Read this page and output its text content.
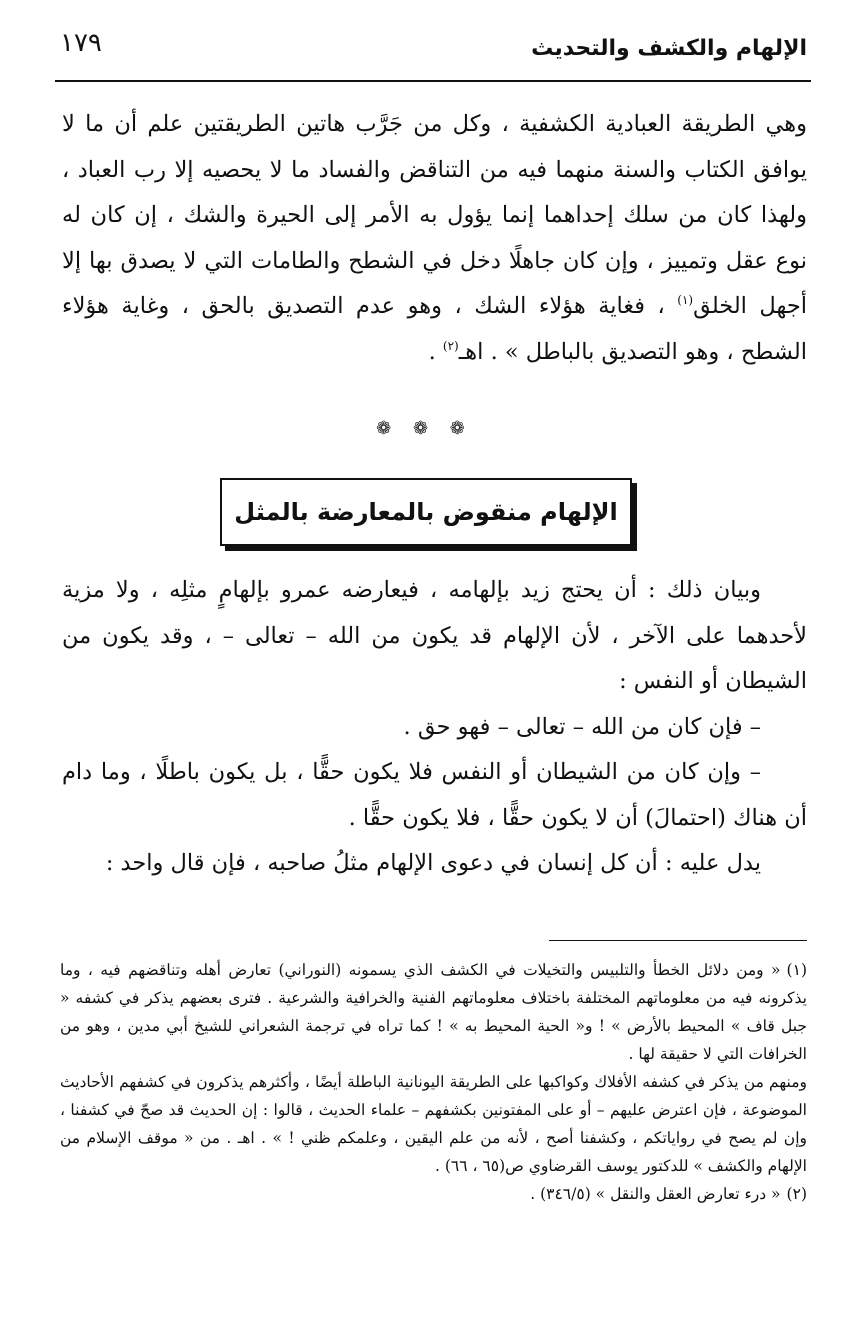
الإلهام والكشف والتحديث
١٧٩

وهي الطريقة العبادية الكشفية ، وكل من جَرَّب هاتين الطريقتين علم أن ما لا يوافق الكتاب والسنة منهما فيه من التناقض والفساد ما لا يحصيه إلا رب العباد ، ولهذا كان من سلك إحداهما إنما يؤول به الأمر إلى الحيرة والشك ، إن كان له نوع عقل وتمييز ، وإن كان جاهلًا دخل في الشطح والطامات التي لا يصدق بها إلا أجهل الخلق$^{(١)}$ ، فغاية هؤلاء الشك ، وهو عدم التصديق بالحق ، وغاية هؤلاء الشطح ، وهو التصديق بالباطل » . اهـ$^{(٢)}$ .

❁ ❁ ❁
الإلهام منقوض بالمعارضة بالمثل

وبيان ذلك : أن يحتج زيد بإلهامه ، فيعارضه عمرو بإلهامٍ مثلِه ، ولا مزية لأحدهما على الآخر ، لأن الإلهام قد يكون من الله – تعالى – ، وقد يكون من الشيطان أو النفس :

– فإن كان من الله – تعالى – فهو حق .

– وإن كان من الشيطان أو النفس فلا يكون حقًّا ، بل يكون باطلًا ، وما دام أن هناك (احتمالَ) أن لا يكون حقًّا ، فلا يكون حقًّا .

يدل عليه : أن كل إنسان في دعوى الإلهام مثلُ صاحبه ، فإن قال واحد :

(١)« ومن دلائل الخطأ والتلبيس والتخيلات في الكشف الذي يسمونه (النوراني) تعارض أهله وتناقضهم فيه ، وما يذكرونه فيه من معلوماتهم المختلفة باختلاف معلوماتهم الفنية والخرافية والشرعية . فترى بعضهم يذكر في كشفه « جبل قاف » المحيط بالأرض » ! و« الحية المحيط به » ! كما تراه في ترجمة الشعراني للشيخ أبي مدين ، وهو من الخرافات التي لا حقيقة لها .

ومنهم من يذكر في كشفه الأفلاك وكواكبها على الطريقة اليونانية الباطلة أيضًا ، وأكثرهم يذكرون في كشفهم الأحاديث الموضوعة ، فإن اعترض عليهم – أو على المفتونين بكشفهم – علماء الحديث ، قالوا : إن الحديث قد صحّ في كشفنا ، وإن لم يصح في رواياتكم ، وكشفنا أصح ، لأنه من علم اليقين ، وعلمكم ظني ! » . اهـ . من « موقف الإسلام من الإلهام والكشف » للدكتور يوسف القرضاوي ص(٦٥ ، ٦٦) .

(٢)« درء تعارض العقل والنقل » (٣٤٦/٥) .
